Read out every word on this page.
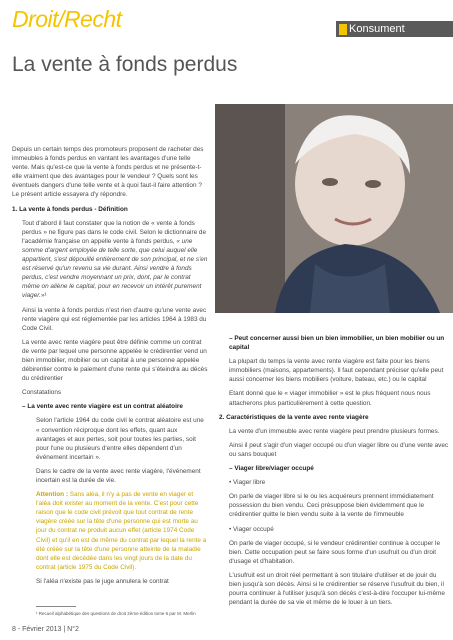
Droit/Recht	Konsument
La vente à fonds perdus

Depuis un certain temps des promoteurs proposent de racheter des immeubles à fonds perdus en vantant les avantages d'une telle vente. Mais qu'est-ce que la vente à fonds perdus et ne présente-t-elle vraiment que des avantages pour le vendeur ? Quels sont les éventuels dangers d'une telle vente et à quoi faut-il faire attention ? Le présent article essayera d'y répondre.

1. La vente à fonds perdus - Définition

Tout d'abord il faut constater que la notion de « vente à fonds perdus » ne figure pas dans le code civil. Selon le dictionnaire de l'académie française on appelle vente à fonds perdus, « une somme d'argent employée de telle sorte, que celui auquel elle appartient, s'est dépouillé entièrement de son principal, et ne s'en est réservé qu'un revenu sa vie durant. Ainsi vendre à fonds perdus, c'est vendre moyennant un prix, dont, par le contrat même on aliène le capital, pour en recevoir un intérêt purement viager.»¹

Ainsi la vente à fonds perdus n'est rien d'autre qu'une vente avec rente viagère qui est réglementée par les articles 1964 à 1983 du Code Civil.

La vente avec rente viagère peut être définie comme un contrat de vente par lequel une personne appelée le crédirentier vend un bien immobilier, mobilier ou un capital à une personne appelée débirentier contre le paiement d'une rente qui s'éteindra au décès du crédirentier

Constatations

– La vente avec rente viagère est un contrat aléatoire

Selon l'article 1964 du code civil le contrat aléatoire est une « convention réciproque dont les effets, quant aux avantages et aux pertes, soit pour toutes les parties, soit pour l'une ou plusieurs d'entre elles dépendent d'un événement incertain ».

Dans le cadre de la vente avec rente viagère, l'événement incertain est la durée de vie.

Attention : Sans aléa, il n'y a pas de vente en viager et l'aléa doit exister au moment de la vente. C'est pour cette raison que le code civil prévoit que tout contrat de rente viagère créée sur la tête d'une personne qui est morte au jour du contrat ne produit aucun effet (article 1974 Code Civil) et qu'il en est de même du contrat par lequel la rente a été créée sur la tête d'une personne atteinte de la maladie dont elle est décédée dans les vingt jours de la date du contrat (article 1975 du Code Civil).

Si l'aléa n'existe pas le juge annulera le contrat

– Peut concerner aussi bien un bien immobilier, un bien mobilier ou un capital

La plupart du temps la vente avec rente viagère est faite pour les biens immobiliers (maisons, appartements). Il faut cependant préciser qu'elle peut aussi concerner les biens mobiliers (voiture, bateau, etc.) ou le capital

Etant donné que le « viager immobilier » est le plus fréquent nous nous attacherons plus particulièrement à cette question.

2. Caractéristiques de la vente avec rente viagère

La vente d'un immeuble avec rente viagère peut prendre plusieurs formes.

Ainsi il peut s'agir d'un viager occupé ou d'un viager libre ou d'une vente avec ou sans bouquet

– Viager libre/viager occupé

• Viager libre

On parle de viager libre si le ou les acquéreurs prennent immédiatement possession du bien vendu. Ceci présuppose bien évidemment que le crédirentier quitte le bien vendu suite à la vente de l'immeuble

• Viager occupé

On parle de viager occupé, si le vendeur crédirentier continue à occuper le bien. Cette occupation peut se faire sous forme d'un usufruit ou d'un droit d'usage et d'habitation.

L'usufruit est un droit réel permettant à son titulaire d'utiliser et de jouir du bien jusqu'à son décès. Ainsi si le crédirentier se réserve l'usufruit du bien, il pourra continuer à l'utiliser jusqu'à son décès c'est-à-dire l'occuper lui-même pendant la durée de sa vie et même de le louer à un tiers.

¹ Recueil alphabétique des questions de droit 2ème édition tome 6 par M. Merlin
8 - Février 2013 | N°2
